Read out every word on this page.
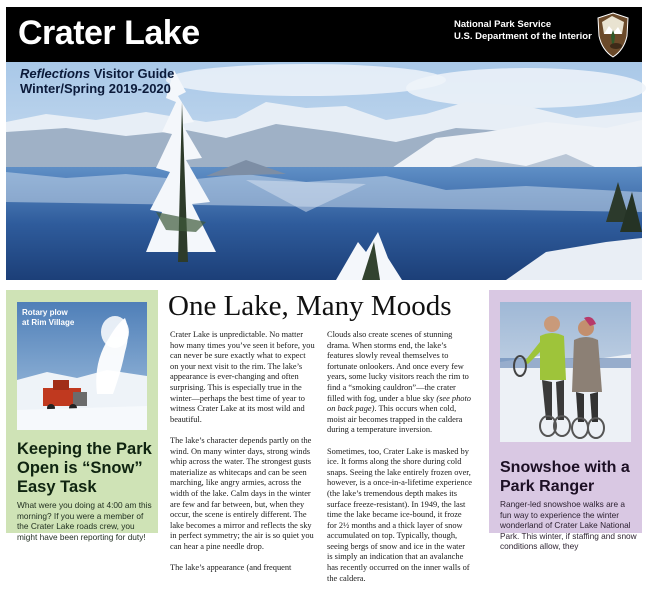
Crater Lake	National Park Service
U.S. Department of the Interior
Reflections Visitor Guide
Winter/Spring 2019-2020
Rotary plow
at Rim Village
Keeping the Park Open is “Snow” Easy Task
What were you doing at 4:00 am this morning? If you were a member of the Crater Lake roads crew, you might have been reporting for duty!
One Lake, Many Moods

Crater Lake is unpredictable. No matter how many times you’ve seen it before, you can never be sure exactly what to expect on your next visit to the rim. The lake’s appearance is ever-changing and often surprising. This is especially true in the winter—perhaps the best time of year to witness Crater Lake at its most wild and beautiful.

The lake’s character depends partly on the wind. On many winter days, strong winds whip across the water. The strongest gusts materialize as whitecaps and can be seen marching, like angry armies, across the width of the lake. Calm days in the winter are few and far between, but, when they occur, the scene is entirely different. The lake becomes a mirror and reflects the sky in perfect symmetry; the air is so quiet you can hear a pine needle drop.

The lake’s appearance (and frequent

Clouds also create scenes of stunning drama. When storms end, the lake’s features slowly reveal themselves to fortunate onlookers. And once every few years, some lucky visitors reach the rim to find a “smoking cauldron”—the crater filled with fog, under a blue sky (see photo on back page). This occurs when cold, moist air becomes trapped in the caldera during a temperature inversion.

Sometimes, too, Crater Lake is masked by ice. It forms along the shore during cold snaps. Seeing the lake entirely frozen over, however, is a once-in-a-lifetime experience (the lake’s tremendous depth makes its surface freeze-resistant). In 1949, the last time the lake became ice-bound, it froze for 2½ months and a thick layer of snow accumulated on top. Typically, though, seeing bergs of snow and ice in the water is simply an indication that an avalanche has recently occurred on the inner walls of the caldera.

Snowshoe with a Park Ranger
Ranger-led snowshoe walks are a fun way to experience the winter wonderland of Crater Lake National Park. This winter, if staffing and snow conditions allow, they
